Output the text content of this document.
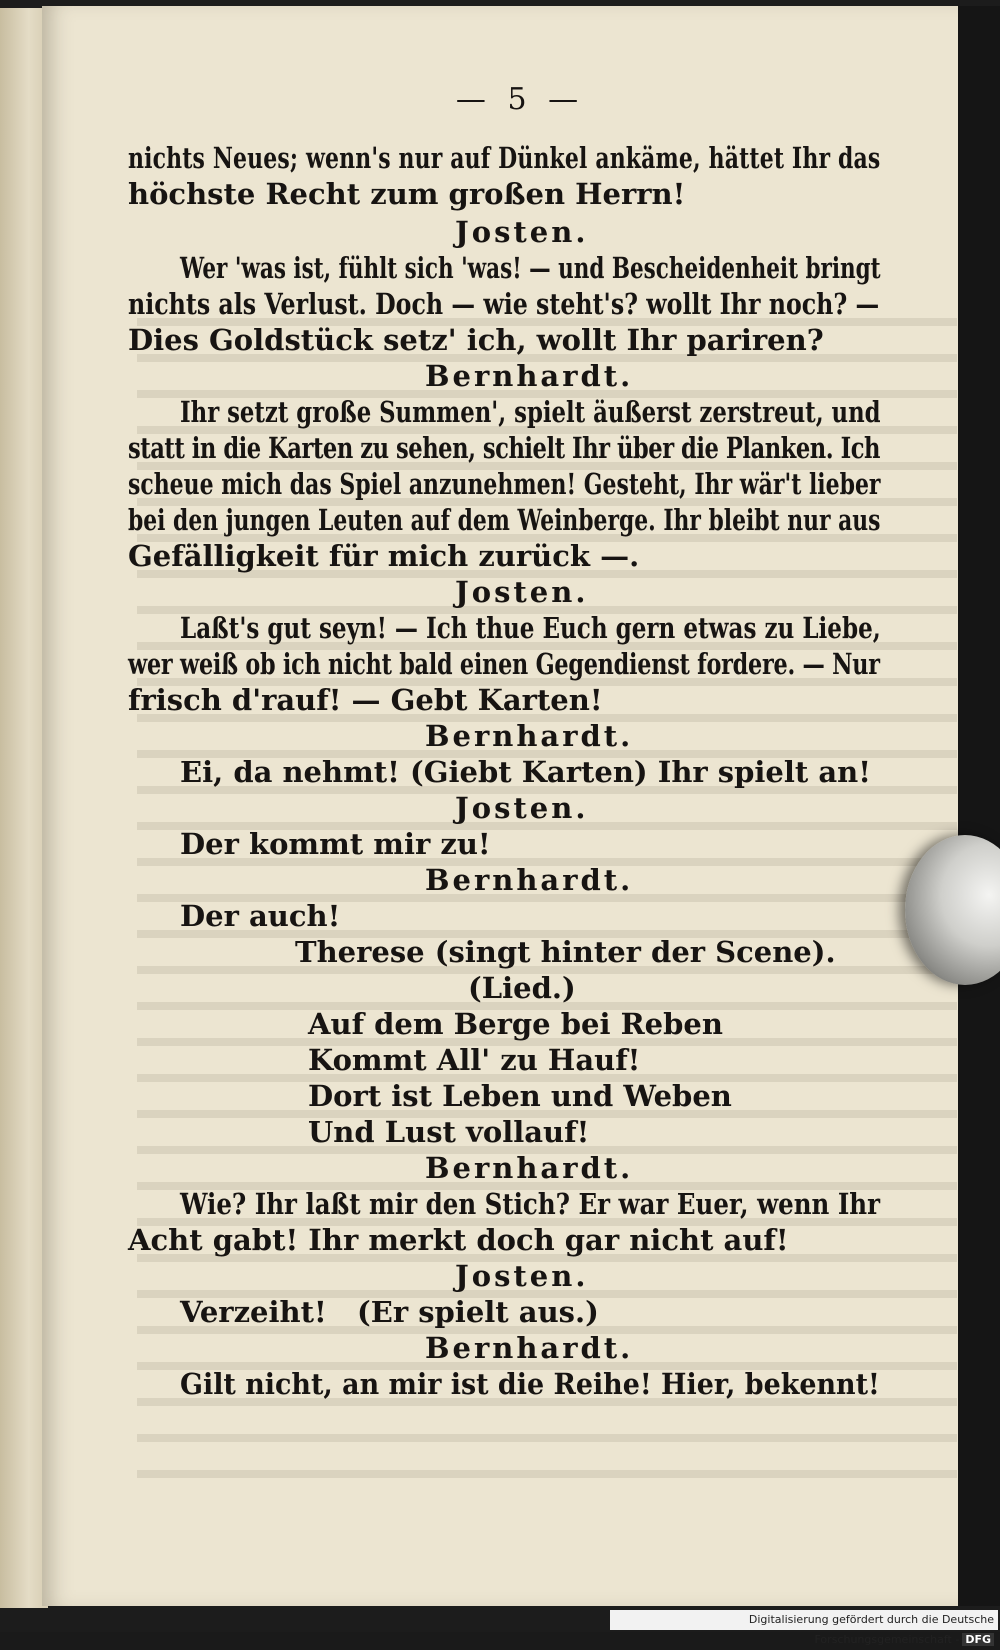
— 5 —
nichts Neues; wenn's nur auf Dünkel ankäme, hättet Ihr das
höchste Recht zum großen Herrn!
Josten.
Wer 'was ist, fühlt sich 'was! — und Bescheidenheit bringt
nichts als Verlust. Doch — wie steht's? wollt Ihr noch? —
Dies Goldstück setz' ich, wollt Ihr pariren?
Bernhardt.
Ihr setzt große Summen', spielt äußerst zerstreut, und
statt in die Karten zu sehen, schielt Ihr über die Planken. Ich
scheue mich das Spiel anzunehmen! Gesteht, Ihr wär't lieber
bei den jungen Leuten auf dem Weinberge. Ihr bleibt nur aus
Gefälligkeit für mich zurück —.
Josten.
Laßt's gut seyn! — Ich thue Euch gern etwas zu Liebe,
wer weiß ob ich nicht bald einen Gegendienst fordere. — Nur
frisch d'rauf! — Gebt Karten!
Bernhardt.
Ei, da nehmt! (Giebt Karten) Ihr spielt an!
Josten.
Der kommt mir zu!
Bernhardt.
Der auch!
Therese (singt hinter der Scene).
(Lied.)
Auf dem Berge bei Reben
Kommt All' zu Hauf!
Dort ist Leben und Weben
Und Lust vollauf!
Bernhardt.
Wie? Ihr laßt mir den Stich? Er war Euer, wenn Ihr
Acht gabt! Ihr merkt doch gar nicht auf!
Josten.
Verzeiht!   (Er spielt aus.)
Bernhardt.
Gilt nicht, an mir ist die Reihe! Hier, bekennt!
Digitalisierung gefördert durch die Deutsche Forschungsgemeinschaft - DFG
